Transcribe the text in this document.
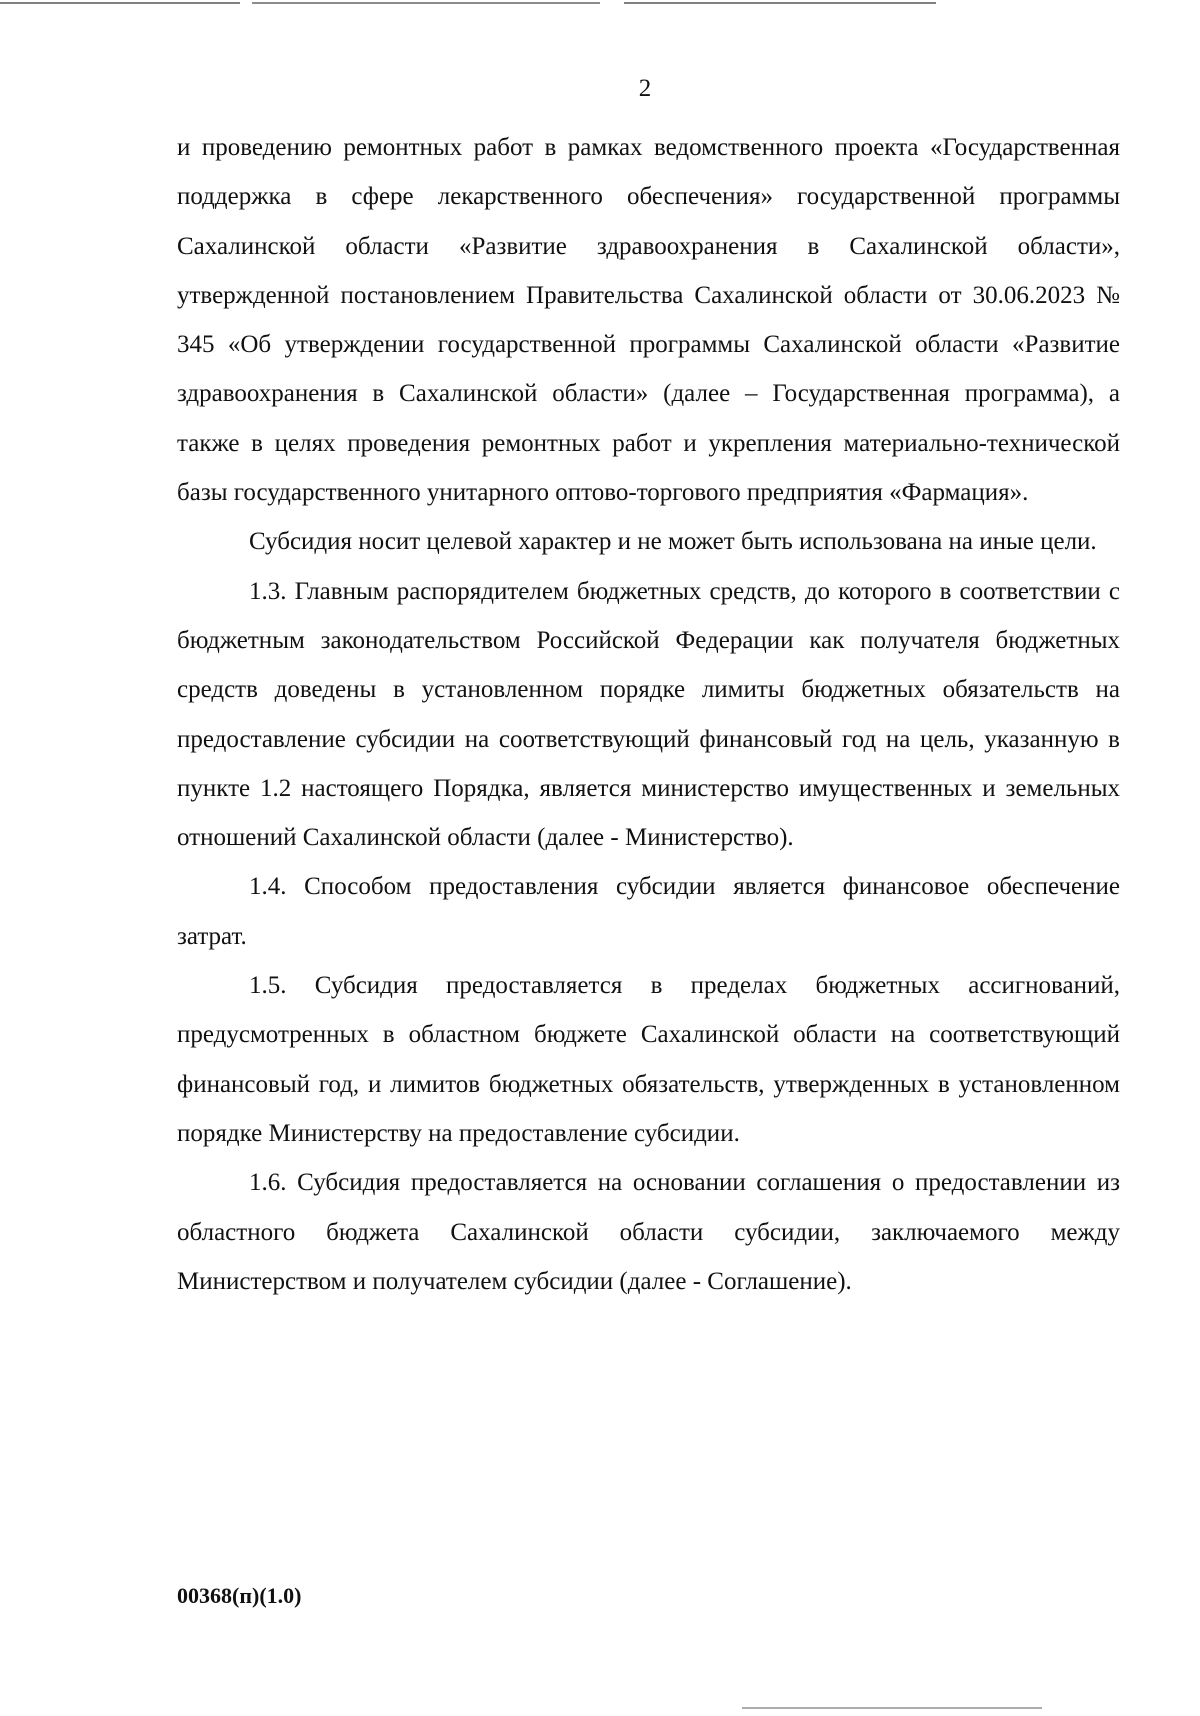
2

и проведению ремонтных работ в рамках ведомственного проекта «Государственная поддержка в сфере лекарственного обеспечения» государственной программы Сахалинской области «Развитие здравоохранения в Сахалинской области», утвержденной постановлением Правительства Сахалинской области от 30.06.2023 № 345 «Об утверждении государственной программы Сахалинской области «Развитие здравоохранения в Сахалинской области» (далее – Государственная программа), а также в целях проведения ремонтных работ и укрепления материально-технической базы государственного унитарного оптово-торгового предприятия «Фармация».

Субсидия носит целевой характер и не может быть использована на иные цели.

1.3. Главным распорядителем бюджетных средств, до которого в соответствии с бюджетным законодательством Российской Федерации как получателя бюджетных средств доведены в установленном порядке лимиты бюджетных обязательств на предоставление субсидии на соответствующий финансовый год на цель, указанную в пункте 1.2 настоящего Порядка, является министерство имущественных и земельных отношений Сахалинской области (далее - Министерство).

1.4. Способом предоставления субсидии является финансовое обеспечение затрат.

1.5. Субсидия предоставляется в пределах бюджетных ассигнований, предусмотренных в областном бюджете Сахалинской области на соответствующий финансовый год, и лимитов бюджетных обязательств, утвержденных в установленном порядке Министерству на предоставление субсидии.

1.6. Субсидия предоставляется на основании соглашения о предоставлении из областного бюджета Сахалинской области субсидии, заключаемого между Министерством и получателем субсидии (далее - Соглашение).

00368(п)(1.0)
